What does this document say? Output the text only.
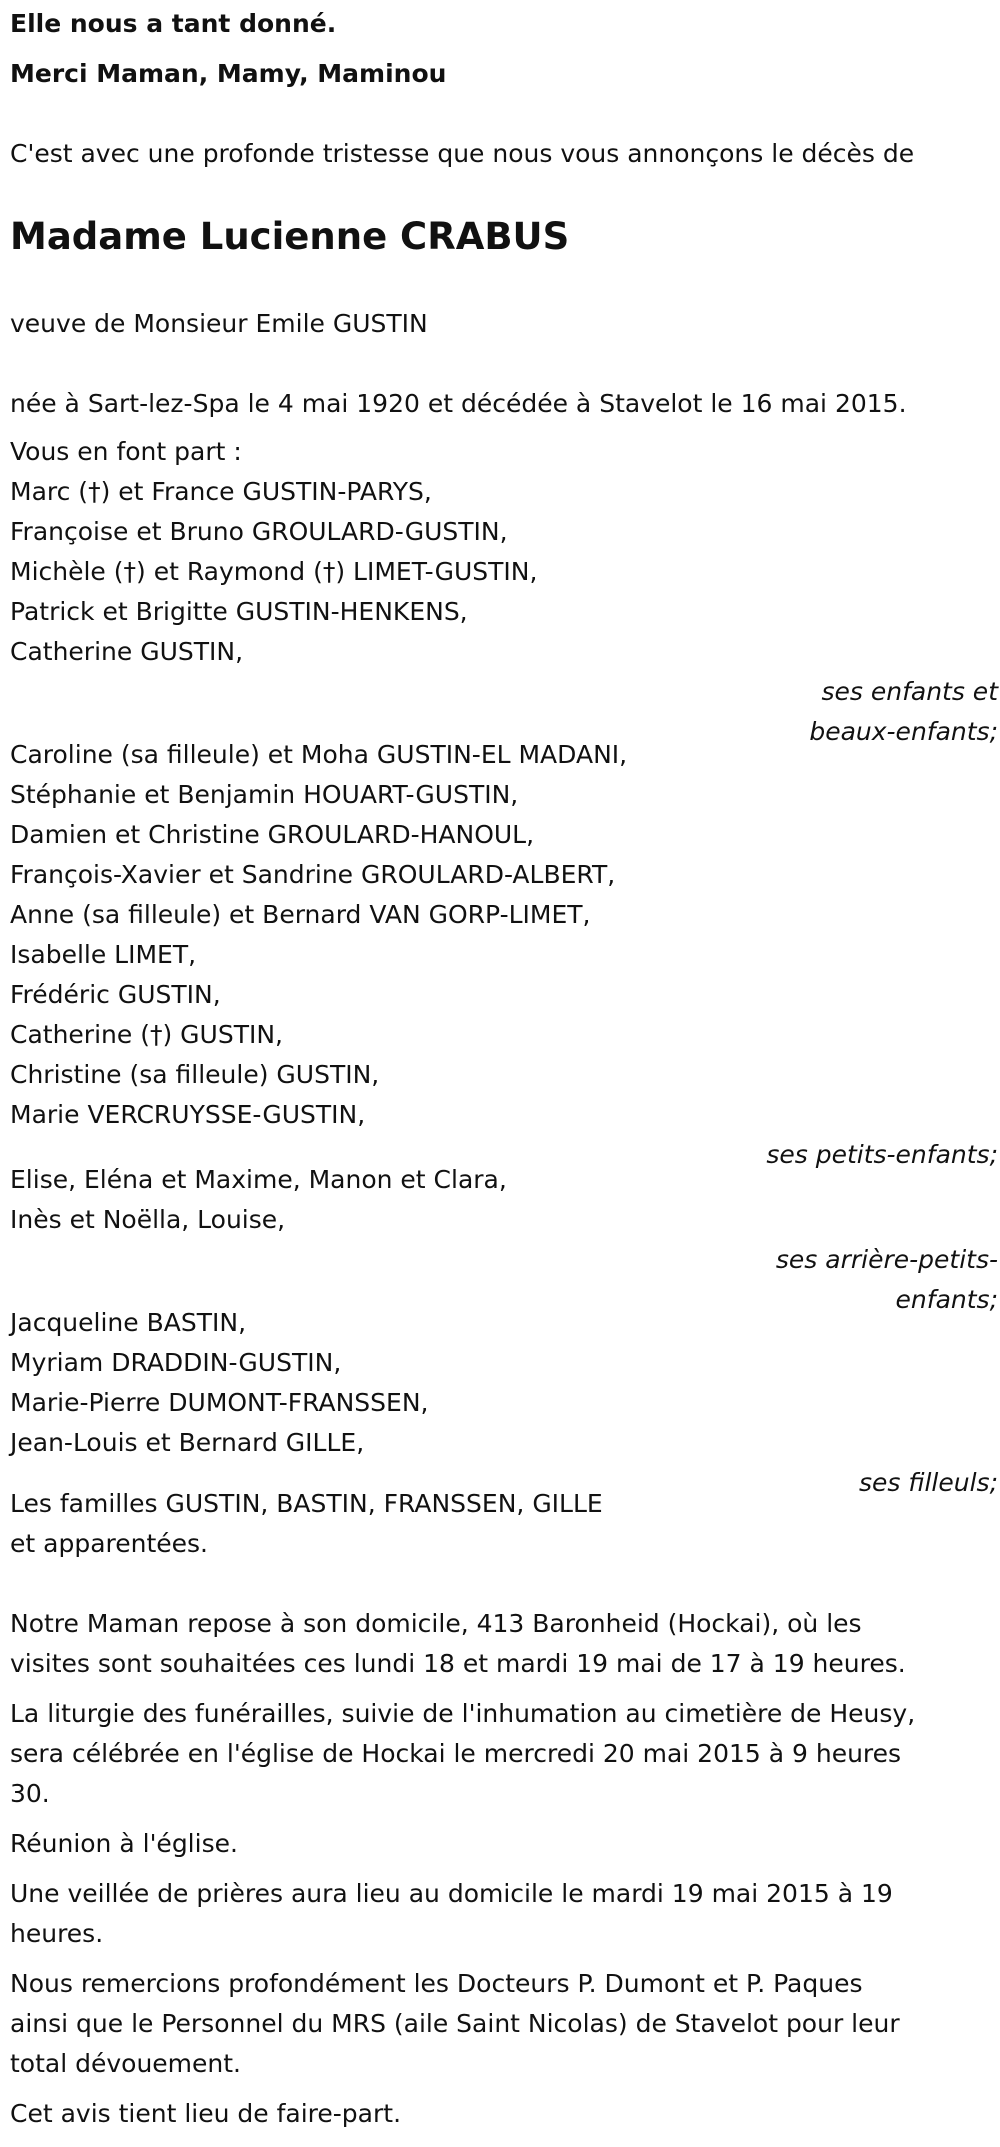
Elle nous a tant donné.
Merci Maman, Mamy, Maminou
C'est avec une profonde tristesse que nous vous annonçons le décès de
Madame Lucienne CRABUS
veuve de Monsieur Emile GUSTIN
née à Sart-lez-Spa le 4 mai 1920 et décédée à Stavelot le 16 mai 2015.
Vous en font part :
Marc (†) et France GUSTIN-PARYS,
Françoise et Bruno GROULARD-GUSTIN,
Michèle (†) et Raymond (†) LIMET-GUSTIN,
Patrick et Brigitte GUSTIN-HENKENS,
Catherine GUSTIN,
ses enfants et
beaux-enfants;
Caroline (sa filleule) et Moha GUSTIN-EL MADANI,
Stéphanie et Benjamin HOUART-GUSTIN,
Damien et Christine GROULARD-HANOUL,
François-Xavier et Sandrine GROULARD-ALBERT,
Anne (sa filleule) et Bernard VAN GORP-LIMET,
Isabelle LIMET,
Frédéric GUSTIN,
Catherine (†) GUSTIN,
Christine (sa filleule) GUSTIN,
Marie VERCRUYSSE-GUSTIN,
ses petits-enfants;
Elise, Eléna et Maxime, Manon et Clara,
Inès et Noëlla, Louise,
ses arrière-petits-
enfants;
Jacqueline BASTIN,
Myriam DRADDIN-GUSTIN,
Marie-Pierre DUMONT-FRANSSEN,
Jean-Louis et Bernard GILLE,
ses filleuls;
Les familles GUSTIN, BASTIN, FRANSSEN, GILLE
et apparentées.
Notre Maman repose à son domicile, 413 Baronheid (Hockai), où les
visites sont souhaitées ces lundi 18 et mardi 19 mai de 17 à 19 heures.
La liturgie des funérailles, suivie de l'inhumation au cimetière de Heusy,
sera célébrée en l'église de Hockai le mercredi 20 mai 2015 à 9 heures
30.
Réunion à l'église.
Une veillée de prières aura lieu au domicile le mardi 19 mai 2015 à 19
heures.
Nous remercions profondément les Docteurs P. Dumont et P. Paques
ainsi que le Personnel du MRS (aile Saint Nicolas) de Stavelot pour leur
total dévouement.
Cet avis tient lieu de faire-part.
